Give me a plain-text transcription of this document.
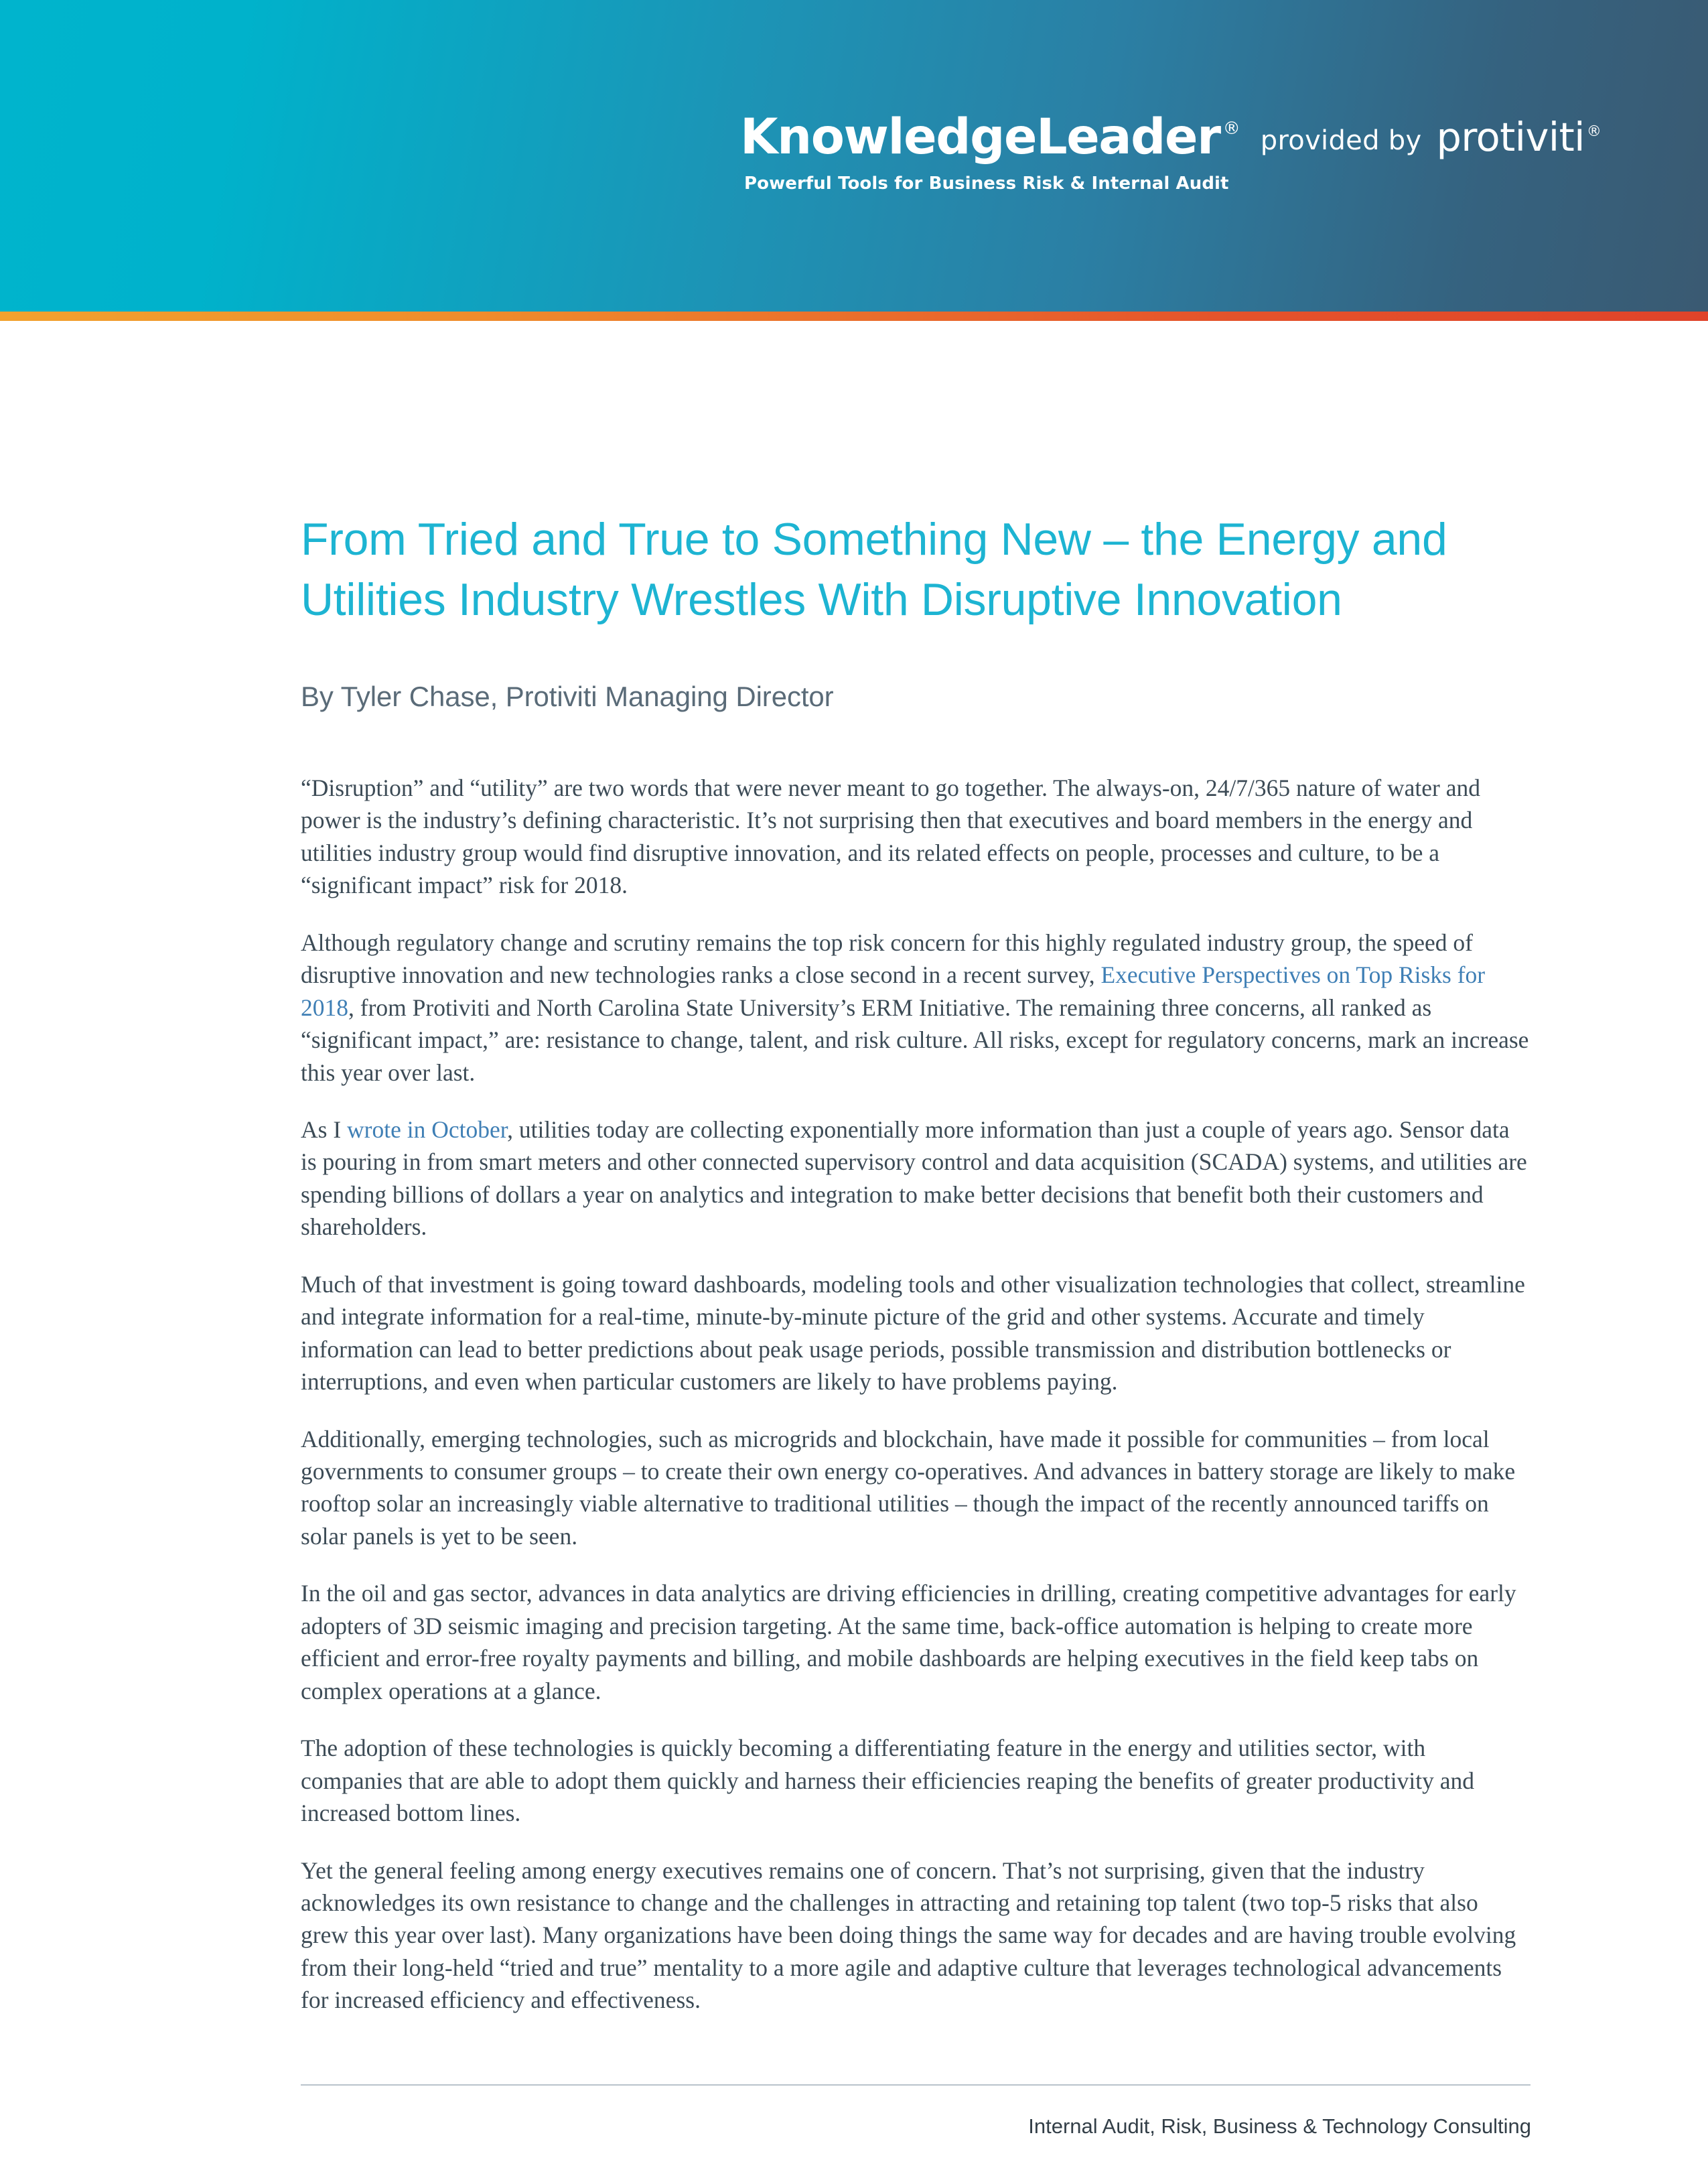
KnowledgeLeader ® provided by protiviti ®
Powerful Tools for Business Risk & Internal Audit
From Tried and True to Something New – the Energy and Utilities Industry Wrestles With Disruptive Innovation
By Tyler Chase, Protiviti Managing Director

“Disruption” and “utility” are two words that were never meant to go together. The always-on, 24/7/365 nature of water and power is the industry’s defining characteristic. It’s not surprising then that executives and board members in the energy and utilities industry group would find disruptive innovation, and its related effects on people, processes and culture, to be a “significant impact” risk for 2018.

Although regulatory change and scrutiny remains the top risk concern for this highly regulated industry group, the speed of disruptive innovation and new technologies ranks a close second in a recent survey, Executive Perspectives on Top Risks for 2018, from Protiviti and North Carolina State University’s ERM Initiative. The remaining three concerns, all ranked as “significant impact,” are: resistance to change, talent, and risk culture. All risks, except for regulatory concerns, mark an increase this year over last.

As I wrote in October, utilities today are collecting exponentially more information than just a couple of years ago. Sensor data is pouring in from smart meters and other connected supervisory control and data acquisition (SCADA) systems, and utilities are spending billions of dollars a year on analytics and integration to make better decisions that benefit both their customers and shareholders.

Much of that investment is going toward dashboards, modeling tools and other visualization technologies that collect, streamline and integrate information for a real-time, minute-by-minute picture of the grid and other systems. Accurate and timely information can lead to better predictions about peak usage periods, possible transmission and distribution bottlenecks or interruptions, and even when particular customers are likely to have problems paying.

Additionally, emerging technologies, such as microgrids and blockchain, have made it possible for communities – from local governments to consumer groups – to create their own energy co-operatives. And advances in battery storage are likely to make rooftop solar an increasingly viable alternative to traditional utilities – though the impact of the recently announced tariffs on solar panels is yet to be seen.

In the oil and gas sector, advances in data analytics are driving efficiencies in drilling, creating competitive advantages for early adopters of 3D seismic imaging and precision targeting. At the same time, back-office automation is helping to create more efficient and error-free royalty payments and billing, and mobile dashboards are helping executives in the field keep tabs on complex operations at a glance.

The adoption of these technologies is quickly becoming a differentiating feature in the energy and utilities sector, with companies that are able to adopt them quickly and harness their efficiencies reaping the benefits of greater productivity and increased bottom lines.

Yet the general feeling among energy executives remains one of concern. That’s not surprising, given that the industry acknowledges its own resistance to change and the challenges in attracting and retaining top talent (two top-5 risks that also grew this year over last). Many organizations have been doing things the same way for decades and are having trouble evolving from their long-held “tried and true” mentality to a more agile and adaptive culture that leverages technological advancements for increased efficiency and effectiveness.

Internal Audit, Risk, Business & Technology Consulting
